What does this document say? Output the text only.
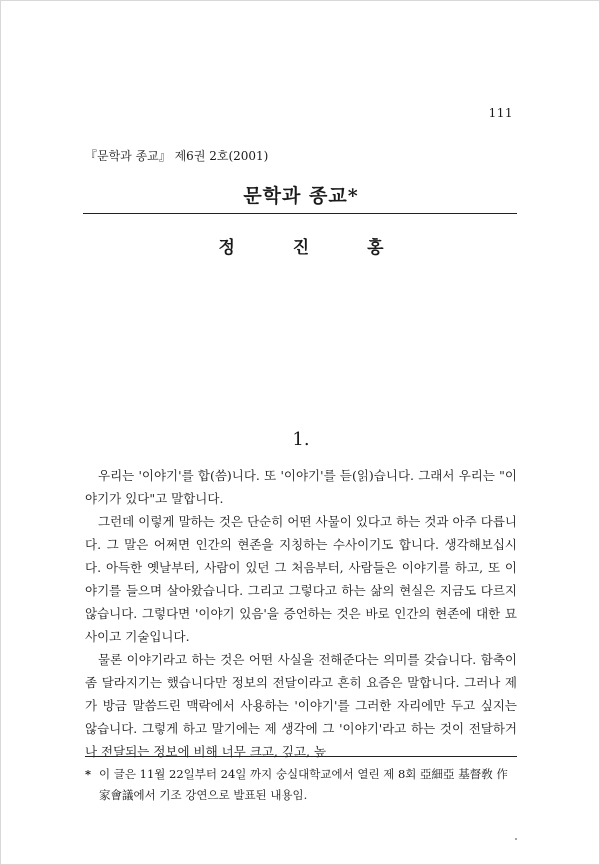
111
『문학과 종교』 제6권 2호(2001)
문학과 종교*
정 진 홍
1.

우리는 '이야기'를 합(씀)니다. 또 '이야기'를 듣(읽)습니다. 그래서 우리는 "이야기가 있다"고 말합니다.

그런데 이렇게 말하는 것은 단순히 어떤 사물이 있다고 하는 것과 아주 다릅니다. 그 말은 어쩌면 인간의 현존을 지칭하는 수사이기도 합니다. 생각해보십시다. 아득한 옛날부터, 사람이 있던 그 처음부터, 사람들은 이야기를 하고, 또 이야기를 들으며 살아왔습니다. 그리고 그렇다고 하는 삶의 현실은 지금도 다르지 않습니다. 그렇다면 '이야기 있음'을 증언하는 것은 바로 인간의 현존에 대한 묘사이고 기술입니다.

물론 이야기라고 하는 것은 어떤 사실을 전해준다는 의미를 갖습니다. 함축이 좀 달라지기는 했습니다만 정보의 전달이라고 흔히 요즘은 말합니다. 그러나 제가 방금 말씀드린 맥락에서 사용하는 '이야기'를 그러한 자리에만 두고 싶지는 않습니다. 그렇게 하고 말기에는 제 생각에 그 '이야기'라고 하는 것이 전달하거나 전달되는 정보에 비해 너무 크고, 깊고, 높

* 이 글은 11월 22일부터 24일 까지 숭실대학교에서 열린 제 8회 亞細亞 基督敎 作家會議에서 기조 강연으로 발표된 내용임.
